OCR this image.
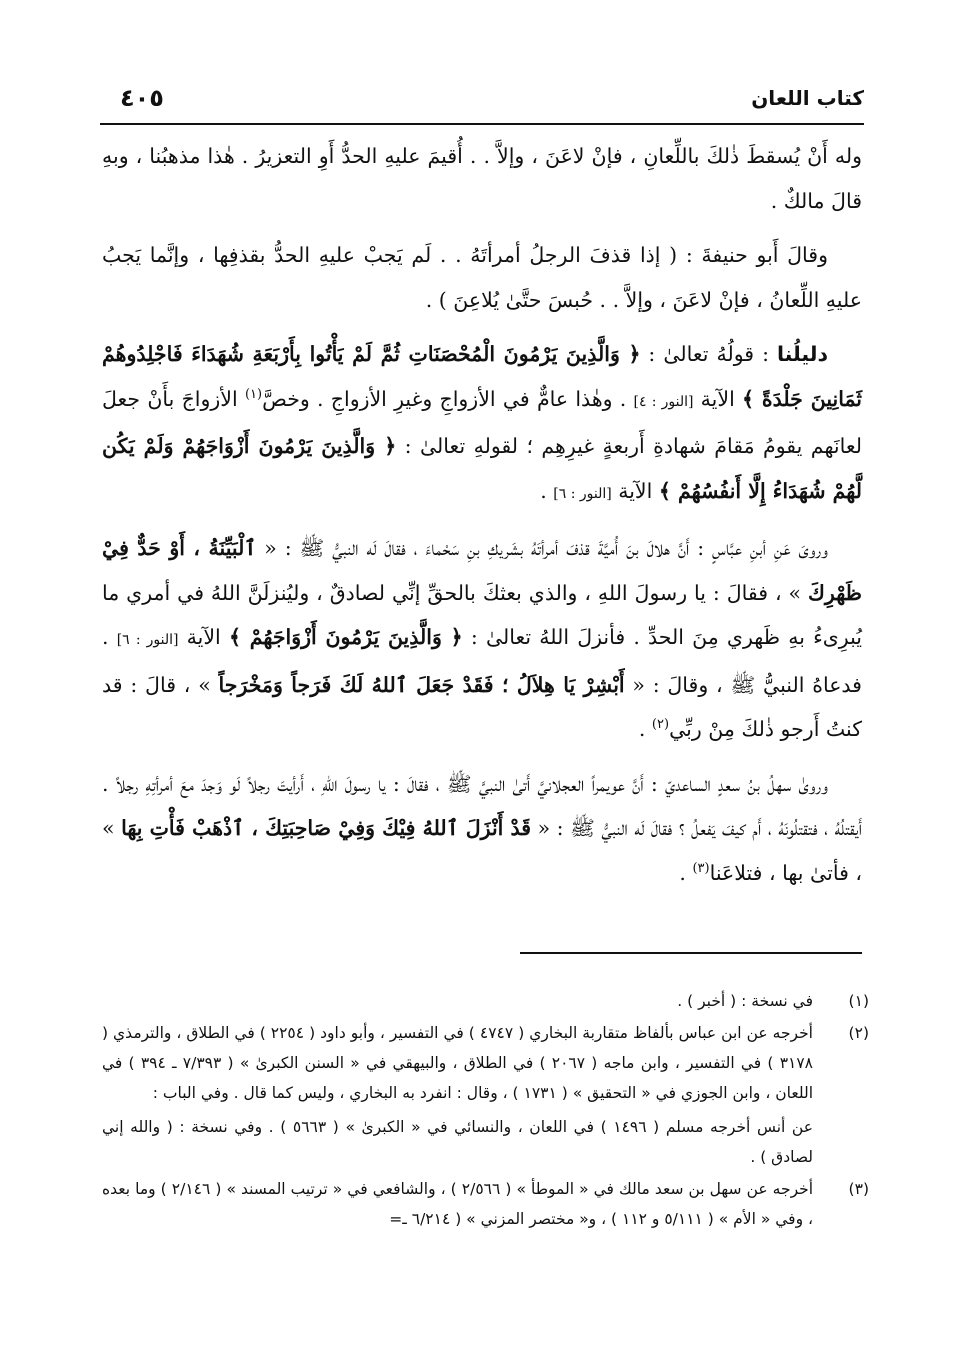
كتاب اللعان
٤٠٥

وله أَنْ يُسقطَ ذٰلكَ باللِّعانِ ، فإنْ لاعَنَ ، وإلاَّ . . أُقيمَ عليهِ الحدُّ أَوِ التعزيرُ . هٰذا مذهبُنا ، وبهِ قالَ مالكٌ .

وقالَ أَبو حنيفةَ : ( إذا قذفَ الرجلُ أمرأتَهُ . . لَم يَجبْ عليهِ الحدُّ بقذفِها ، وإنَّما يَجبُ عليهِ اللِّعانُ ، فإنْ لاعَنَ ، وإلاَّ . . حُبسَ حتَّىٰ يُلاعِنَ ) .

دليلُنا : قولُهُ تعالىٰ : ﴿ وَالَّذِينَ يَرْمُونَ الْمُحْصَنَاتِ ثُمَّ لَمْ يَأْتُوا بِأَرْبَعَةِ شُهَدَاءَ فَاجْلِدُوهُمْ ثَمَانِينَ جَلْدَةً ﴾ الآية [النور : ٤] . وهٰذا عامٌّ في الأزواجِ وغيرِ الأزواجِ . وخصَّ$^{(١)}$ الأزواجَ بأَنْ جعلَ لعانَهم يقومُ مَقامَ شهادةِ أَربعةٍ غيرِهِم ؛ لقولهِ تعالىٰ : ﴿ وَالَّذِينَ يَرْمُونَ أَزْوَاجَهُمْ وَلَمْ يَكُن لَّهُمْ شُهَدَاءُ إِلَّا أَنفُسُهُمْ ﴾ الآية [النور : ٦] .

وروىَ عَنِ أبنِ عبَّاسٍ : أَنَّ هلالَ بنَ أُميَّةَ قذفَ أمرأتَهُ بشَريكِ بنِ سَحْماءَ ، فقالَ لَه النبيُّ ﷺ : « ٱلْبَيِّنَةُ ، أَوْ حَدٌّ فِيْ ظَهْرِكَ » ، فقالَ : يا رسولَ اللهِ ، والذي بعثكَ بالحقِّ إنِّي لصادقٌ ، وليُنزلَنَّ اللهُ في أمري ما يُبرِىءُ بهِ ظَهري مِنَ الحدِّ . فأنزلَ اللهُ تعالىٰ : ﴿ وَالَّذِينَ يَرْمُونَ أَزْوَاجَهُمْ ﴾ الآية [النور : ٦] . فدعاهُ النبيُّ ﷺ ، وقالَ : « أَبْشِرْ يَا هِلاَلُ ؛ فَقَدْ جَعَلَ ٱللهُ لَكَ فَرَجاً وَمَخْرَجاً » ، قالَ : قد كنتُ أَرجو ذٰلكَ مِنْ ربِّي$^{(٢)}$ .

وروىٰ سهلُ بنُ سعدٍ الساعديّ : أَنَّ عويمراً العجلانيَّ أَتىٰ النبيَّ ﷺ ، فقالَ : يا رسولَ اللهِ ، أَرأيتَ رجلاً لَو وَجدَ معَ أمرأتِهِ رجلاً . أَيقتلُهُ ، فتقتلُونَهُ ، أَم كيفَ يَفعلُ ؟ فقالَ لَه النبيُّ ﷺ : « قَدْ أَنْزَلَ ٱللهُ فِيْكَ وَفِيْ صَاحِبَتِكَ ، ٱذْهَبْ فَأْتِ بِهَا » ، فأتىٰ بها ، فتلاعَنا$^{(٣)}$ .

(١)
في نسخة : ( أخبر ) .
(٢)
أخرجه عن ابن عباس بألفاظ متقاربة البخاري ( ٤٧٤٧ ) في التفسير ، وأبو داود ( ٢٢٥٤ ) في الطلاق ، والترمذي ( ٣١٧٨ ) في التفسير ، وابن ماجه ( ٢٠٦٧ ) في الطلاق ، والبيهقي في « السنن الكبرىٰ » ( ٧/٣٩٣ ـ ٣٩٤ ) في اللعان ، وابن الجوزي في « التحقيق » ( ١٧٣١ ) ، وقال : انفرد به البخاري ، وليس كما قال . وفي الباب :
عن أنس أخرجه مسلم ( ١٤٩٦ ) في اللعان ، والنسائي في « الكبرىٰ » ( ٥٦٦٣ ) . وفي نسخة : ( والله إني لصادق ) .
(٣)
أخرجه عن سهل بن سعد مالك في « الموطأ » ( ٢/٥٦٦ ) ، والشافعي في « ترتيب المسند » ( ٢/١٤٦ ) وما بعده ، وفي « الأم » ( ٥/١١١ و ١١٢ ) ، و« مختصر المزني » ( ٦/٢١٤ ـ=
